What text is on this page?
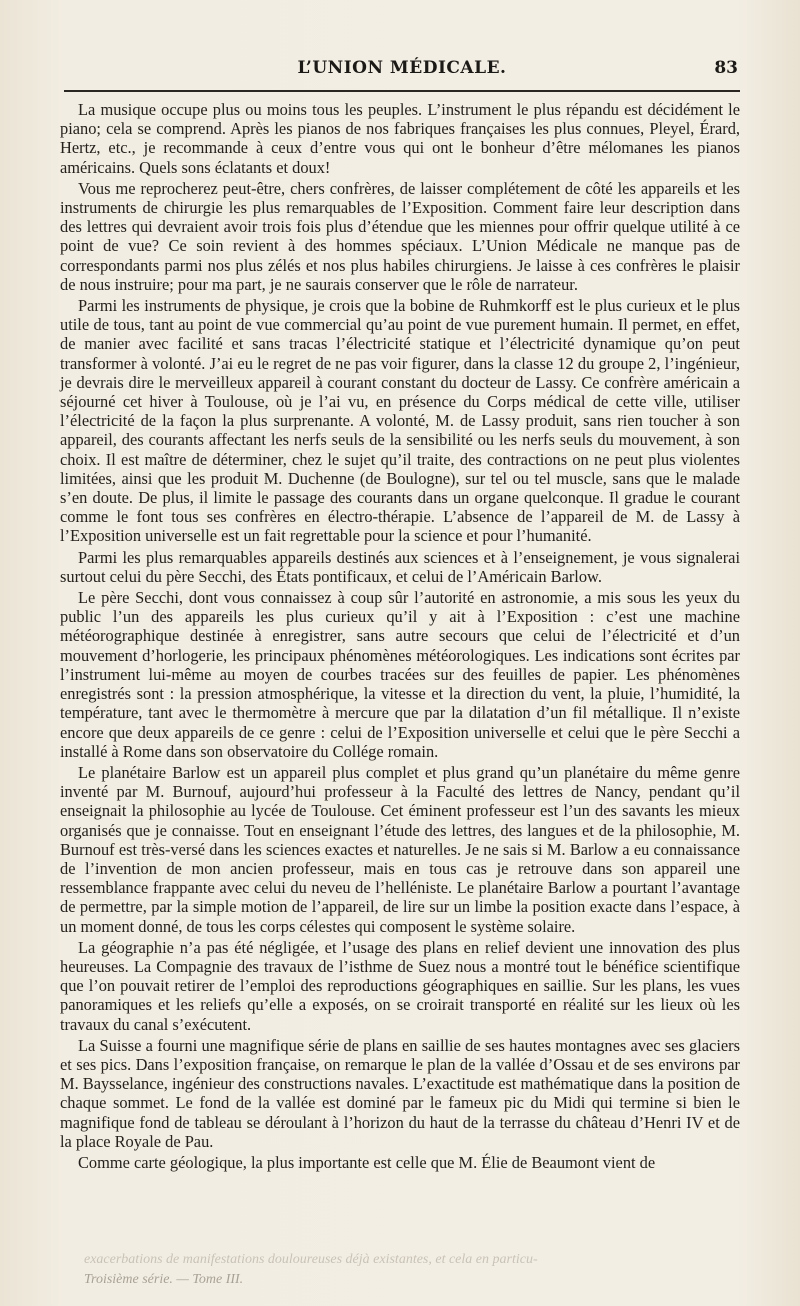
L’UNION MÉDICALE.	83

La musique occupe plus ou moins tous les peuples. L’instrument le plus répandu est décidément le piano; cela se comprend. Après les pianos de nos fabriques françaises les plus connues, Pleyel, Érard, Hertz, etc., je recommande à ceux d’entre vous qui ont le bonheur d’être mélomanes les pianos américains. Quels sons éclatants et doux!

Vous me reprocherez peut-être, chers confrères, de laisser complétement de côté les appareils et les instruments de chirurgie les plus remarquables de l’Exposition. Comment faire leur description dans des lettres qui devraient avoir trois fois plus d’étendue que les miennes pour offrir quelque utilité à ce point de vue? Ce soin revient à des hommes spéciaux. L’Union Médicale ne manque pas de correspondants parmi nos plus zélés et nos plus habiles chirurgiens. Je laisse à ces confrères le plaisir de nous instruire; pour ma part, je ne saurais conserver que le rôle de narrateur.

Parmi les instruments de physique, je crois que la bobine de Ruhmkorff est le plus curieux et le plus utile de tous, tant au point de vue commercial qu’au point de vue purement humain. Il permet, en effet, de manier avec facilité et sans tracas l’électricité statique et l’électricité dynamique qu’on peut transformer à volonté. J’ai eu le regret de ne pas voir figurer, dans la classe 12 du groupe 2, l’ingénieur, je devrais dire le merveilleux appareil à courant constant du docteur de Lassy. Ce confrère américain a séjourné cet hiver à Toulouse, où je l’ai vu, en présence du Corps médical de cette ville, utiliser l’électricité de la façon la plus surprenante. A volonté, M. de Lassy produit, sans rien toucher à son appareil, des courants affectant les nerfs seuls de la sensibilité ou les nerfs seuls du mouvement, à son choix. Il est maître de déterminer, chez le sujet qu’il traite, des contractions on ne peut plus violentes limitées, ainsi que les produit M. Duchenne (de Boulogne), sur tel ou tel muscle, sans que le malade s’en doute. De plus, il limite le passage des courants dans un organe quelconque. Il gradue le courant comme le font tous ses confrères en électro-thérapie. L’absence de l’appareil de M. de Lassy à l’Exposition universelle est un fait regrettable pour la science et pour l’humanité.

Parmi les plus remarquables appareils destinés aux sciences et à l’enseignement, je vous signalerai surtout celui du père Secchi, des États pontificaux, et celui de l’Américain Barlow.

Le père Secchi, dont vous connaissez à coup sûr l’autorité en astronomie, a mis sous les yeux du public l’un des appareils les plus curieux qu’il y ait à l’Exposition : c’est une machine météorographique destinée à enregistrer, sans autre secours que celui de l’électricité et d’un mouvement d’horlogerie, les principaux phénomènes météorologiques. Les indications sont écrites par l’instrument lui-même au moyen de courbes tracées sur des feuilles de papier. Les phénomènes enregistrés sont : la pression atmosphérique, la vitesse et la direction du vent, la pluie, l’humidité, la température, tant avec le thermomètre à mercure que par la dilatation d’un fil métallique. Il n’existe encore que deux appareils de ce genre : celui de l’Exposition universelle et celui que le père Secchi a installé à Rome dans son observatoire du Collége romain.

Le planétaire Barlow est un appareil plus complet et plus grand qu’un planétaire du même genre inventé par M. Burnouf, aujourd’hui professeur à la Faculté des lettres de Nancy, pendant qu’il enseignait la philosophie au lycée de Toulouse. Cet éminent professeur est l’un des savants les mieux organisés que je connaisse. Tout en enseignant l’étude des lettres, des langues et de la philosophie, M. Burnouf est très-versé dans les sciences exactes et naturelles. Je ne sais si M. Barlow a eu connaissance de l’invention de mon ancien professeur, mais en tous cas je retrouve dans son appareil une ressemblance frappante avec celui du neveu de l’helléniste. Le planétaire Barlow a pourtant l’avantage de permettre, par la simple motion de l’appareil, de lire sur un limbe la position exacte dans l’espace, à un moment donné, de tous les corps célestes qui composent le système solaire.

La géographie n’a pas été négligée, et l’usage des plans en relief devient une innovation des plus heureuses. La Compagnie des travaux de l’isthme de Suez nous a montré tout le bénéfice scientifique que l’on pouvait retirer de l’emploi des reproductions géographiques en saillie. Sur les plans, les vues panoramiques et les reliefs qu’elle a exposés, on se croirait transporté en réalité sur les lieux où les travaux du canal s’exécutent.

La Suisse a fourni une magnifique série de plans en saillie de ses hautes montagnes avec ses glaciers et ses pics. Dans l’exposition française, on remarque le plan de la vallée d’Ossau et de ses environs par M. Baysselance, ingénieur des constructions navales. L’exactitude est mathématique dans la position de chaque sommet. Le fond de la vallée est dominé par le fameux pic du Midi qui termine si bien le magnifique fond de tableau se déroulant à l’horizon du haut de la terrasse du château d’Henri IV et de la place Royale de Pau.

Comme carte géologique, la plus importante est celle que M. Élie de Beaumont vient de

exacerbations de manifestations douloureuses déjà existantes, et cela en particu-
Troisième série. — Tome III.
